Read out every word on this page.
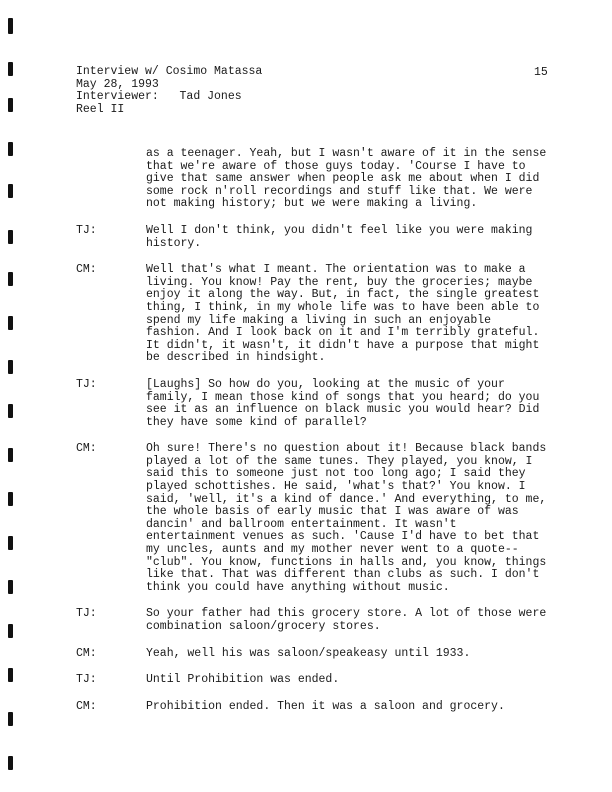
Interview w/ Cosimo Matassa
May 28, 1993
Interviewer:   Tad Jones
Reel II
15
as a teenager. Yeah, but I wasn't aware of it in the sense that we're aware of those guys today. 'Course I have to give that same answer when people ask me about when I did some rock n'roll recordings and stuff like that. We were not making history; but we were making a living.
TJ:	Well I don't think, you didn't feel like you were making history.
CM:	Well that's what I meant. The orientation was to make a living. You know! Pay the rent, buy the groceries; maybe enjoy it along the way. But, in fact, the single greatest thing, I think, in my whole life was to have been able to spend my life making a living in such an enjoyable fashion. And I look back on it and I'm terribly grateful. It didn't, it wasn't, it didn't have a purpose that might be described in hindsight.
TJ:	[Laughs] So how do you, looking at the music of your family, I mean those kind of songs that you heard; do you see it as an influence on black music you would hear? Did they have some kind of parallel?
CM:	Oh sure! There's no question about it! Because black bands played a lot of the same tunes. They played, you know, I said this to someone just not too long ago; I said they played schottishes. He said, 'what's that?' You know. I said, 'well, it's a kind of dance.' And everything, to me, the whole basis of early music that I was aware of was dancin' and ballroom entertainment. It wasn't entertainment venues as such. 'Cause I'd have to bet that my uncles, aunts and my mother never went to a quote--"club". You know, functions in halls and, you know, things like that. That was different than clubs as such. I don't think you could have anything without music.
TJ:	So your father had this grocery store. A lot of those were combination saloon/grocery stores.
CM:	Yeah, well his was saloon/speakeasy until 1933.
TJ:	Until Prohibition was ended.
CM:	Prohibition ended. Then it was a saloon and grocery.
